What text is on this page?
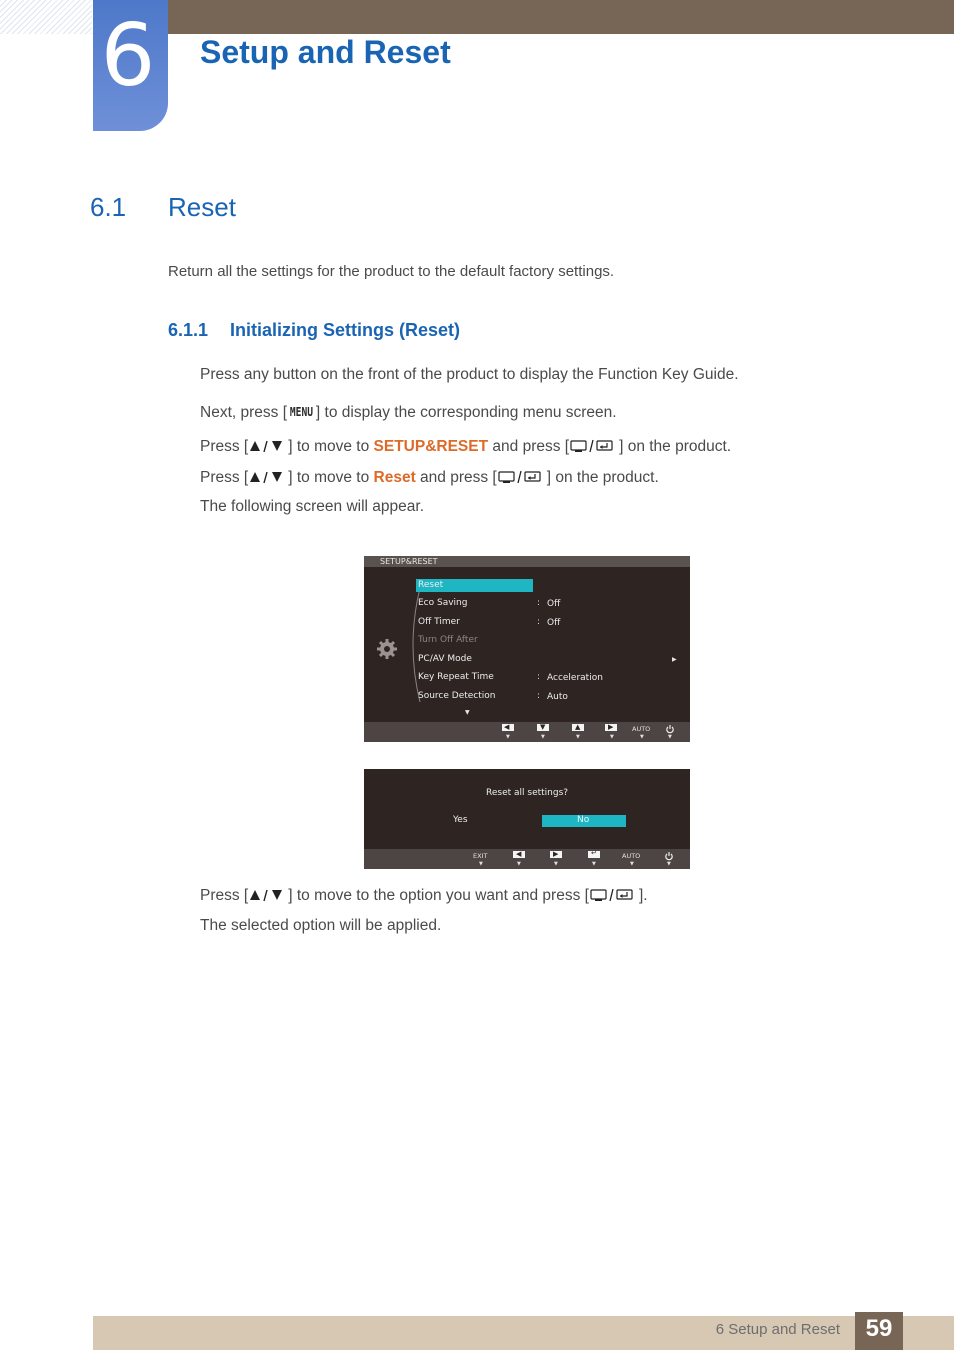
6 Setup and Reset
6.1 Reset
Return all the settings for the product to the default factory settings.
6.1.1 Initializing Settings (Reset)
Press any button on the front of the product to display the Function Key Guide.
Next, press [ MENU ] to display the corresponding menu screen.
Press [	] to move to SETUP&RESET and press [	] on the product.
Press [	] to move to Reset and press [	] on the product.
The following screen will appear.
SETUP&RESET
Reset
Eco Saving	: Off
Off Timer	: Off
Turn Off After
PC/AV Mode	▶
Key Repeat Time	: Acceleration
Source Detection	: Auto
▼
◀
▼
▼
▼
▲
▼
▶
▼
AUTO
▼	▼
Reset all settings?
Yes	No
EXIT
▼
◀
▼
▶
▼
↵
▼
AUTO
▼	▼
Press [	] to move to the option you want and press [	].
The selected option will be applied.
6 Setup and Reset	59
